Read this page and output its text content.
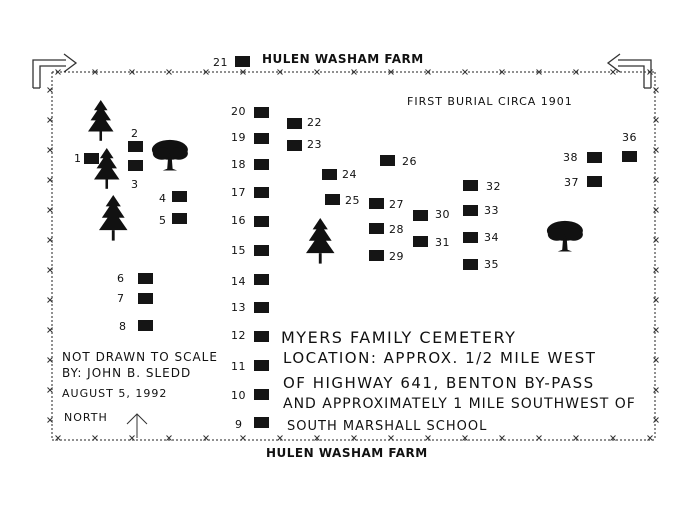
HULEN WASHAM FARM
HULEN WASHAM FARM
FIRST BURIAL CIRCA 1901
1
2
3
4
5
6
7
8
9
10
11
12
13
14
15
16
17
18
19
20
21
22
23
24
25
26
27
28
29
30
31
32
33
34
35
36
37
38
MYERS FAMILY CEMETERY
LOCATION: APPROX. 1/2 MILE WEST
OF HIGHWAY 641, BENTON BY-PASS
AND APPROXIMATELY 1 MILE SOUTHWEST OF
SOUTH MARSHALL SCHOOL
NOT DRAWN TO SCALE
BY: JOHN B. SLEDD
AUGUST 5, 1992
NORTH
